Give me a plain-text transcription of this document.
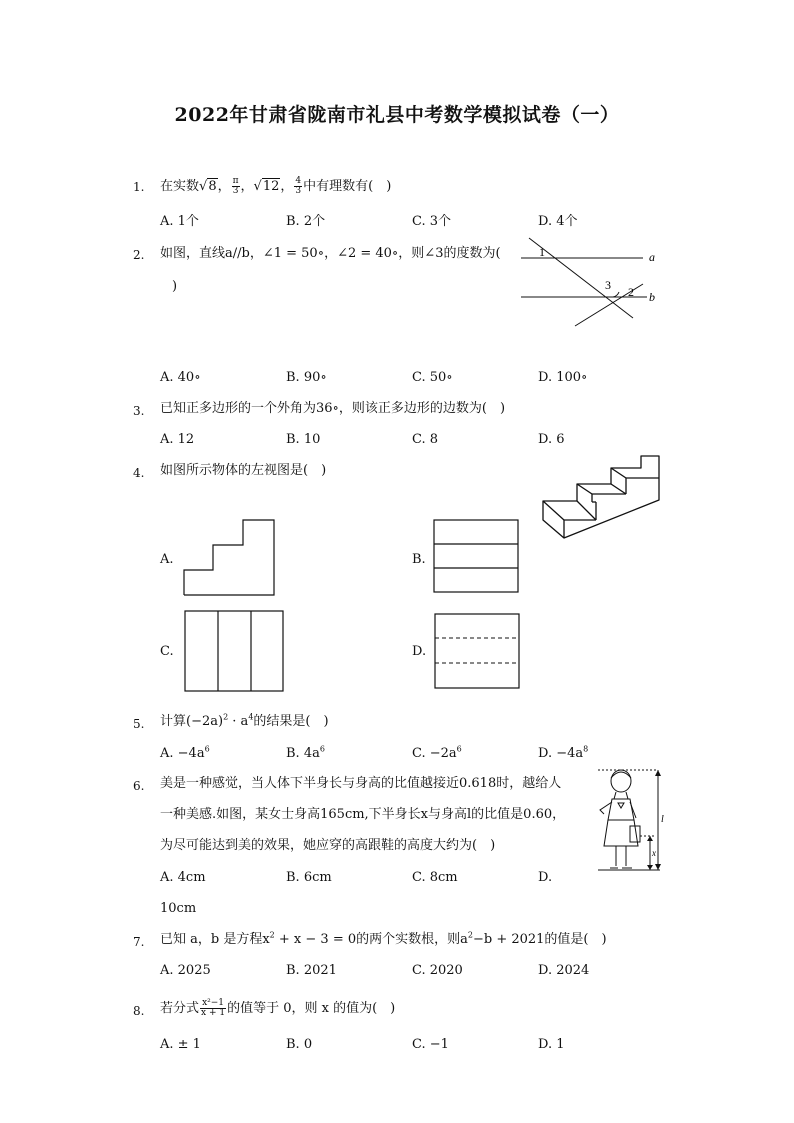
2022年甘肃省陇南市礼县中考数学模拟试卷（一）
1. 在实数√8， $\frac{\pi}{3}$ ，√12， $\frac{4}{3}$ 中有理数有(　)
A. 1个	B. 2个	C. 3个	D. 4个
2. 如图，直线a//b，∠1 = 50∘，∠2 = 40∘，则∠3的度数为(
)
1
2
3
a
b
A. 40∘	B. 90∘	C. 50∘	D. 100∘
3. 已知正多边形的一个外角为36∘，则该正多边形的边数为(　)
A. 12	B. 10	C. 8	D. 6
4. 如图所示物体的左视图是(　)
A.	B.
C.	D.
5. 计算$(-2a)^2 \cdot a^4$的结果是(　)
A. $-4a^6$	B. $4a^6$	C. $-2a^6$	D. $-4a^8$
6. 美是一种感觉，当人体下半身长与身高的比值越接近0.618时，越给人
一种美感.如图，某女士身高165cm,下半身长x与身高l的比值是0.60，
为尽可能达到美的效果，她应穿的高跟鞋的高度大约为(　)
l
x
A. 4cm	B. 6cm	C. 8cm	D.
10cm
7. 已知 a，b 是方程$x^2 + x - 3 = 0$的两个实数根，则$a^2-b + 2021$的值是(　)
A. 2025	B. 2021	C. 2020	D. 2024
8. 若分式 $\frac{\text{x²−1}}{x + 1}$ 的值等于 0，则 x 的值为(　)
A. ± 1	B. 0	C. −1	D. 1
